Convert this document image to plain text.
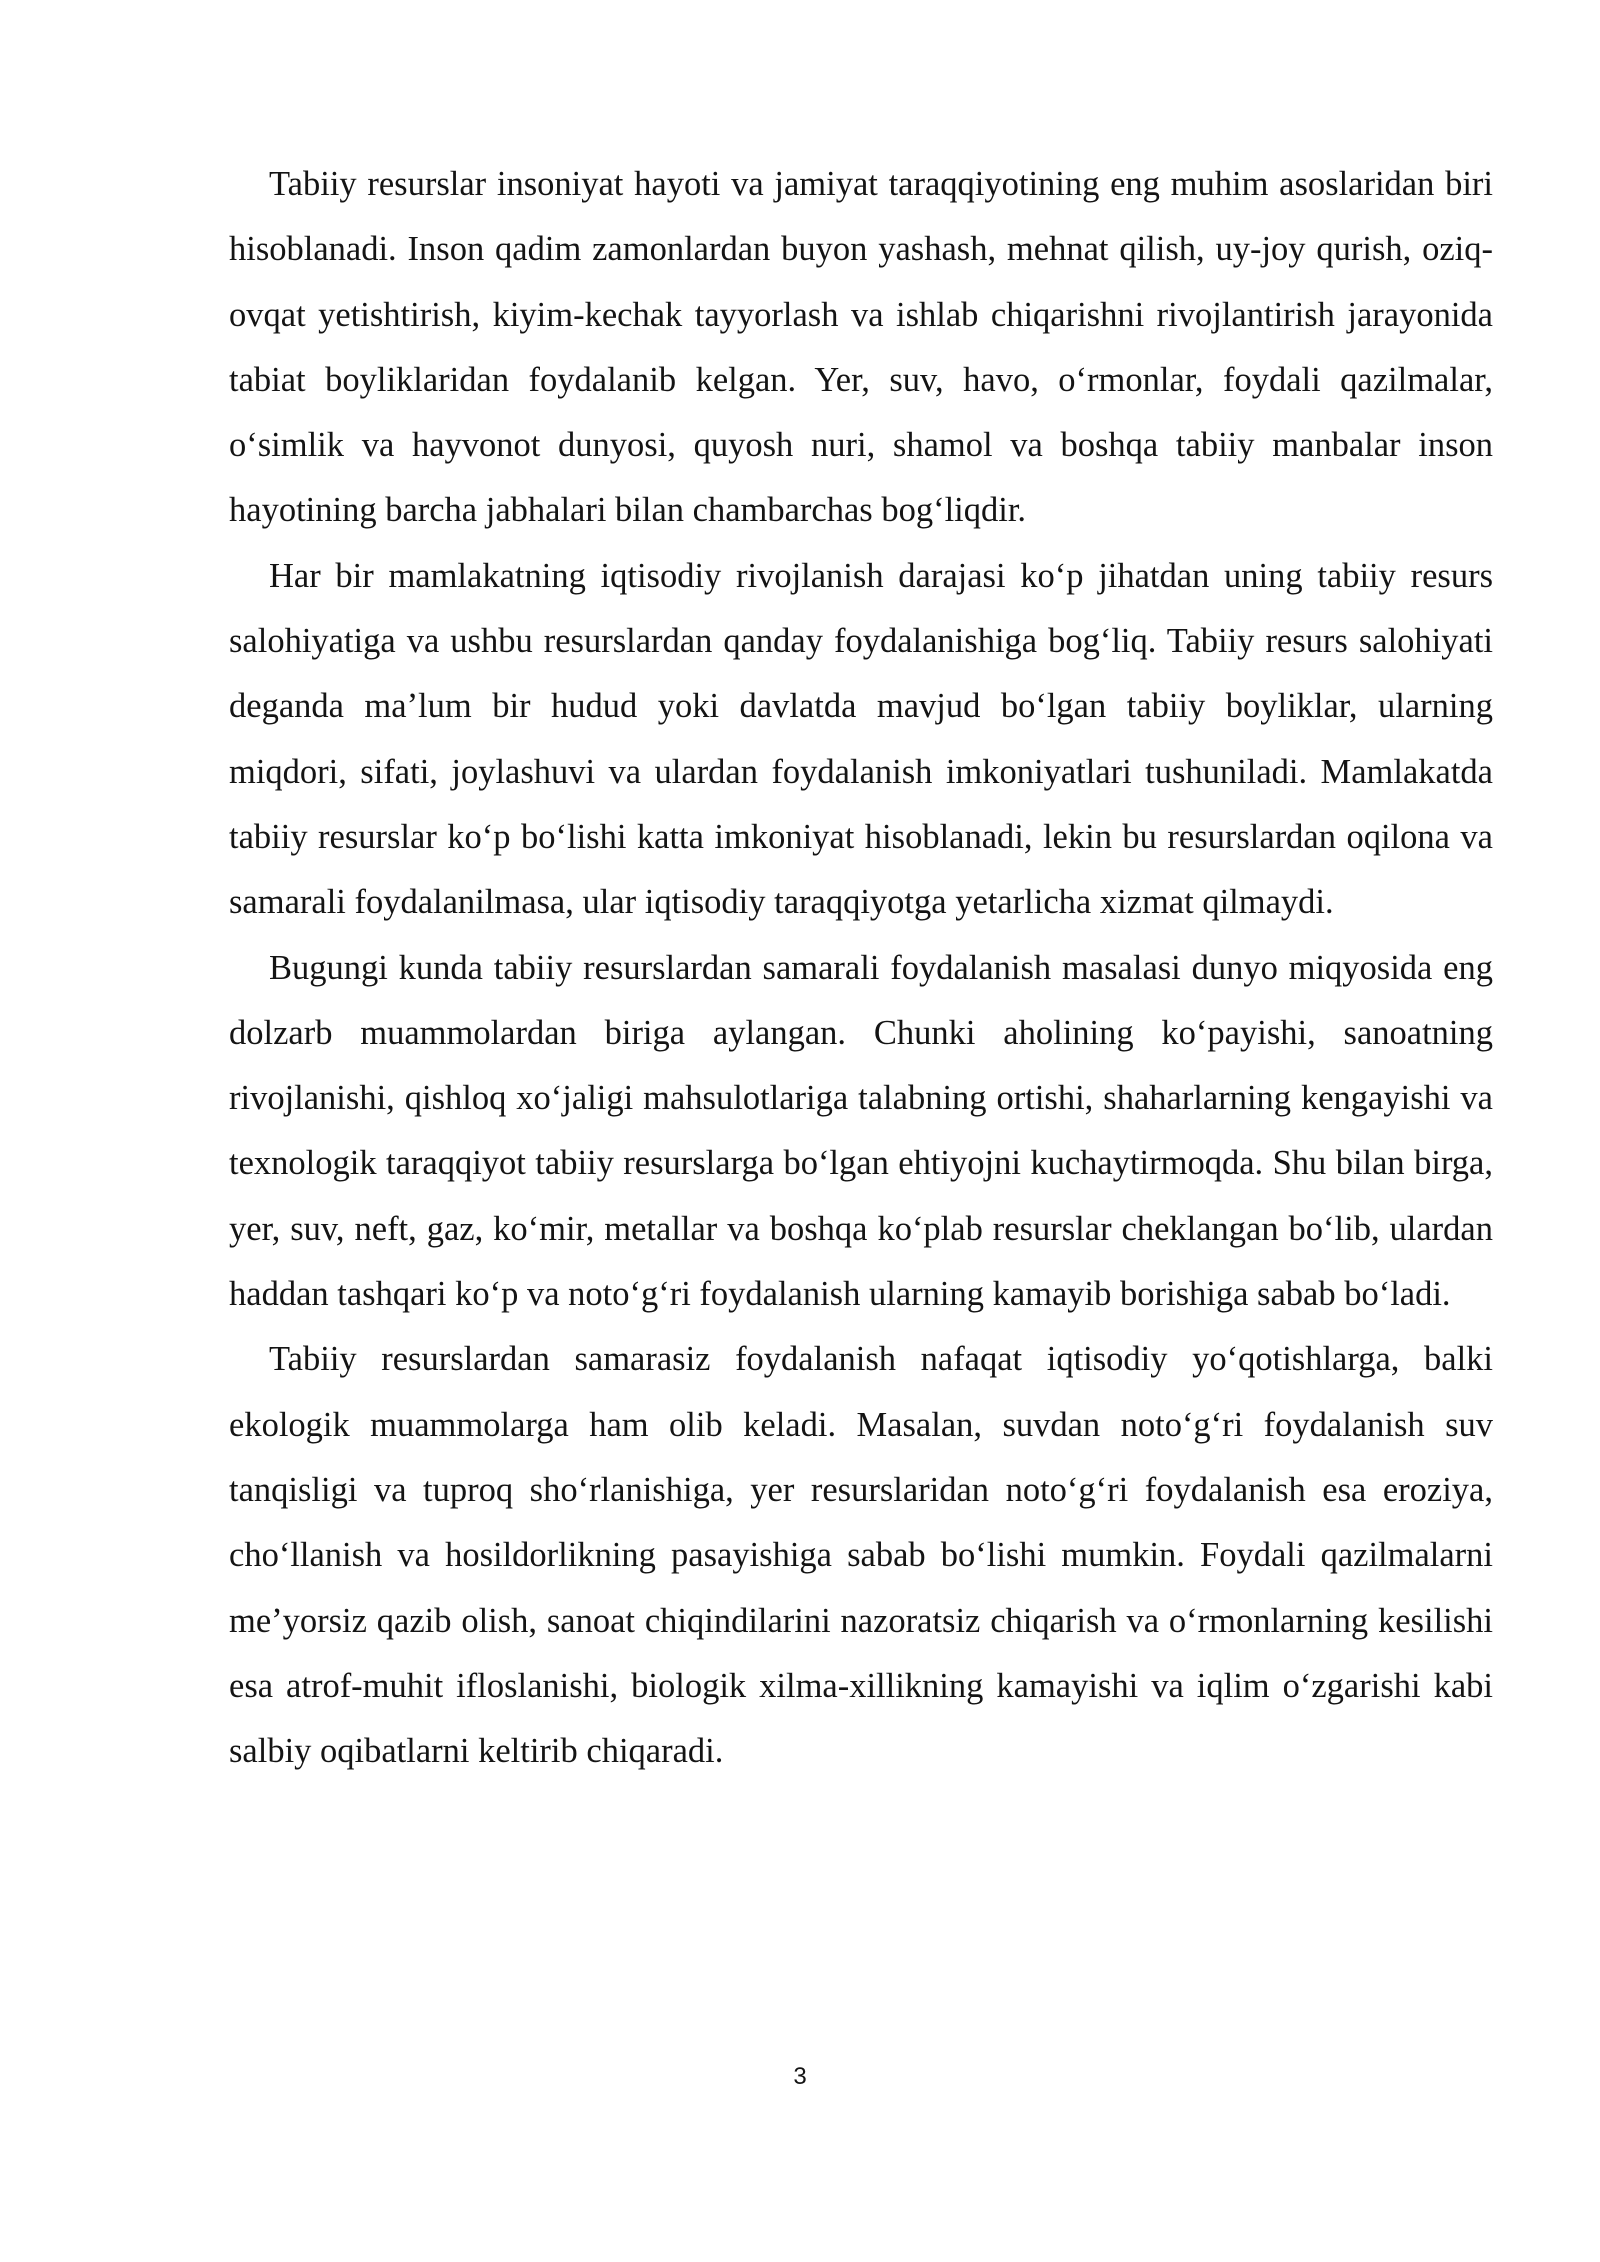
Tabiiy resurslar insoniyat hayoti va jamiyat taraqqiyotining eng muhim asoslaridan biri hisoblanadi. Inson qadim zamonlardan buyon yashash, mehnat qilish, uy-joy qurish, oziq-ovqat yetishtirish, kiyim-kechak tayyorlash va ishlab chiqarishni rivojlantirish jarayonida tabiat boyliklaridan foydalanib kelgan. Yer, suv, havo, oʻrmonlar, foydali qazilmalar, oʻsimlik va hayvonot dunyosi, quyosh nuri, shamol va boshqa tabiiy manbalar inson hayotining barcha jabhalari bilan chambarchas bogʻliqdir.

Har bir mamlakatning iqtisodiy rivojlanish darajasi koʻp jihatdan uning tabiiy resurs salohiyatiga va ushbu resurslardan qanday foydalanishiga bogʻliq. Tabiiy resurs salohiyati deganda maʼlum bir hudud yoki davlatda mavjud boʻlgan tabiiy boyliklar, ularning miqdori, sifati, joylashuvi va ulardan foydalanish imkoniyatlari tushuniladi. Mamlakatda tabiiy resurslar koʻp boʻlishi katta imkoniyat hisoblanadi, lekin bu resurslardan oqilona va samarali foydalanilmasa, ular iqtisodiy taraqqiyotga yetarlicha xizmat qilmaydi.

Bugungi kunda tabiiy resurslardan samarali foydalanish masalasi dunyo miqyosida eng dolzarb muammolardan biriga aylangan. Chunki aholining koʻpayishi, sanoatning rivojlanishi, qishloq xoʻjaligi mahsulotlariga talabning ortishi, shaharlarning kengayishi va texnologik taraqqiyot tabiiy resurslarga boʻlgan ehtiyojni kuchaytirmoqda. Shu bilan birga, yer, suv, neft, gaz, koʻmir, metallar va boshqa koʻplab resurslar cheklangan boʻlib, ulardan haddan tashqari koʻp va notoʻgʻri foydalanish ularning kamayib borishiga sabab boʻladi.

Tabiiy resurslardan samarasiz foydalanish nafaqat iqtisodiy yoʻqotishlarga, balki ekologik muammolarga ham olib keladi. Masalan, suvdan notoʻgʻri foydalanish suv tanqisligi va tuproq shoʻrlanishiga, yer resurslaridan notoʻgʻri foydalanish esa eroziya, choʻllanish va hosildorlikning pasayishiga sabab boʻlishi mumkin. Foydali qazilmalarni meʼyorsiz qazib olish, sanoat chiqindilarini nazoratsiz chiqarish va oʻrmonlarning kesilishi esa atrof-muhit ifloslanishi, biologik xilma-xillikning kamayishi va iqlim oʻzgarishi kabi salbiy oqibatlarni keltirib chiqaradi.

3
